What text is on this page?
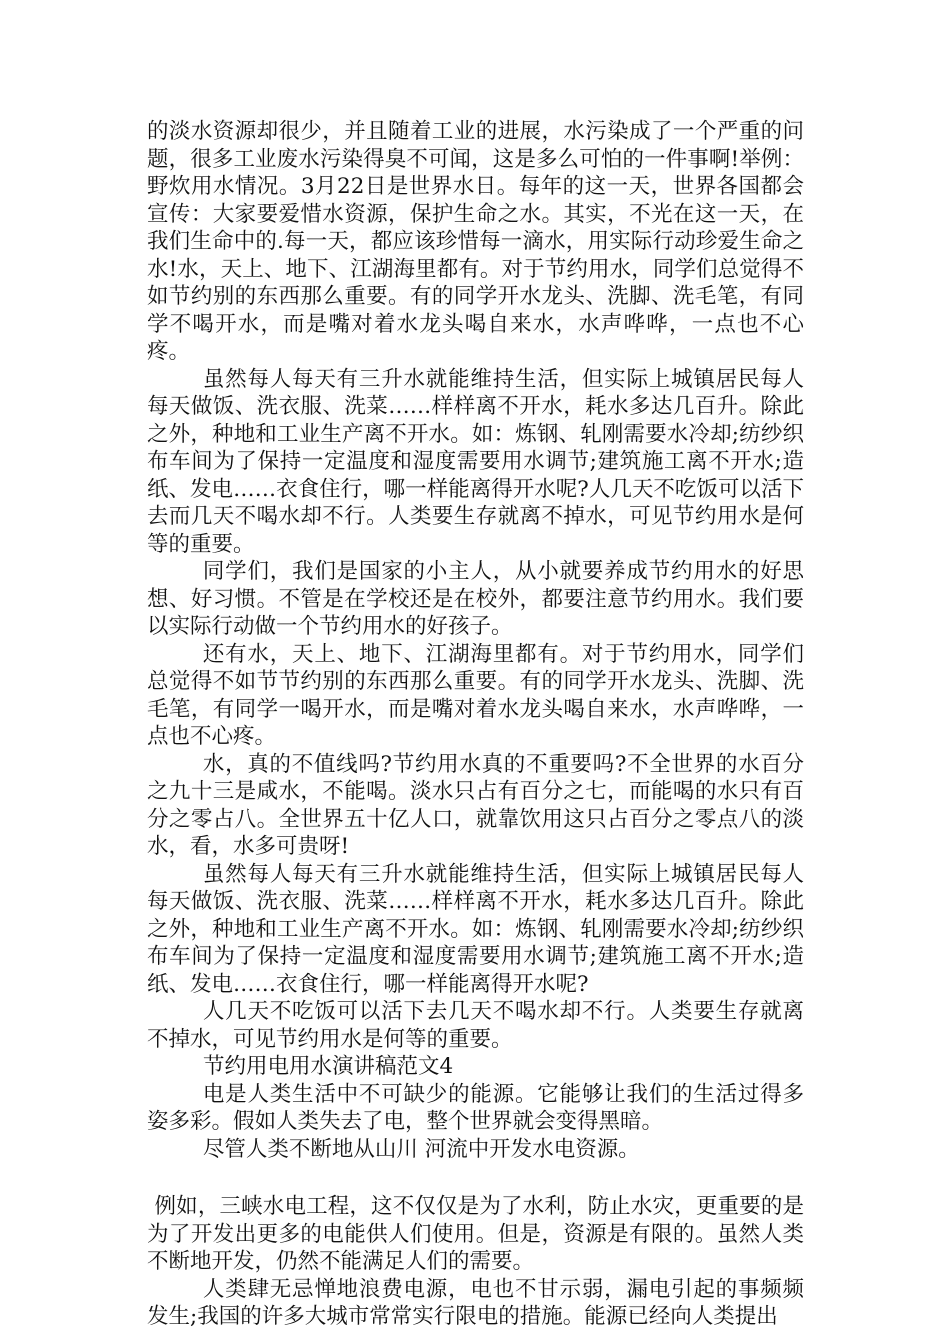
的淡水资源却很少，并且随着工业的进展，水污染成了一个严重的问题，很多工业废水污染得臭不可闻，这是多么可怕的一件事啊!举例：野炊用水情况。3月22日是世界水日。每年的这一天，世界各国都会宣传：大家要爱惜水资源，保护生命之水。其实，不光在这一天，在我们生命中的.每一天，都应该珍惜每一滴水，用实际行动珍爱生命之水!水，天上、地下、江湖海里都有。对于节约用水，同学们总觉得不如节约别的东西那么重要。有的同学开水龙头、洗脚、洗毛笔，有同学不喝开水，而是嘴对着水龙头喝自来水，水声哗哗，一点也不心疼。

虽然每人每天有三升水就能维持生活，但实际上城镇居民每人每天做饭、洗衣服、洗菜……样样离不开水，耗水多达几百升。除此之外，种地和工业生产离不开水。如：炼钢、轧刚需要水冷却;纺纱织布车间为了保持一定温度和湿度需要用水调节;建筑施工离不开水;造纸、发电……衣食住行，哪一样能离得开水呢?人几天不吃饭可以活下去而几天不喝水却不行。人类要生存就离不掉水，可见节约用水是何等的重要。

同学们，我们是国家的小主人，从小就要养成节约用水的好思想、好习惯。不管是在学校还是在校外，都要注意节约用水。我们要以实际行动做一个节约用水的好孩子。

还有水，天上、地下、江湖海里都有。对于节约用水，同学们总觉得不如节节约别的东西那么重要。有的同学开水龙头、洗脚、洗毛笔，有同学一喝开水，而是嘴对着水龙头喝自来水，水声哗哗，一点也不心疼。

水，真的不值线吗?节约用水真的不重要吗?不全世界的水百分之九十三是咸水，不能喝。淡水只占有百分之七，而能喝的水只有百分之零占八。全世界五十亿人口，就靠饮用这只占百分之零点八的淡水，看，水多可贵呀!

虽然每人每天有三升水就能维持生活，但实际上城镇居民每人每天做饭、洗衣服、洗菜……样样离不开水，耗水多达几百升。除此之外，种地和工业生产离不开水。如：炼钢、轧刚需要水冷却;纺纱织布车间为了保持一定温度和湿度需要用水调节;建筑施工离不开水;造纸、发电……衣食住行，哪一样能离得开水呢?

人几天不吃饭可以活下去几天不喝水却不行。人类要生存就离不掉水，可见节约用水是何等的重要。

节约用电用水演讲稿范文4

电是人类生活中不可缺少的能源。它能够让我们的生活过得多姿多彩。假如人类失去了电，整个世界就会变得黑暗。

尽管人类不断地从山川 河流中开发水电资源。

例如，三峡水电工程，这不仅仅是为了水利，防止水灾，更重要的是为了开发出更多的电能供人们使用。但是，资源是有限的。虽然人类不断地开发，仍然不能满足人们的需要。

人类肆无忌惮地浪费电源，电也不甘示弱，漏电引起的事频频发生;我国的许多大城市常常实行限电的措施。能源已经向人类提出
